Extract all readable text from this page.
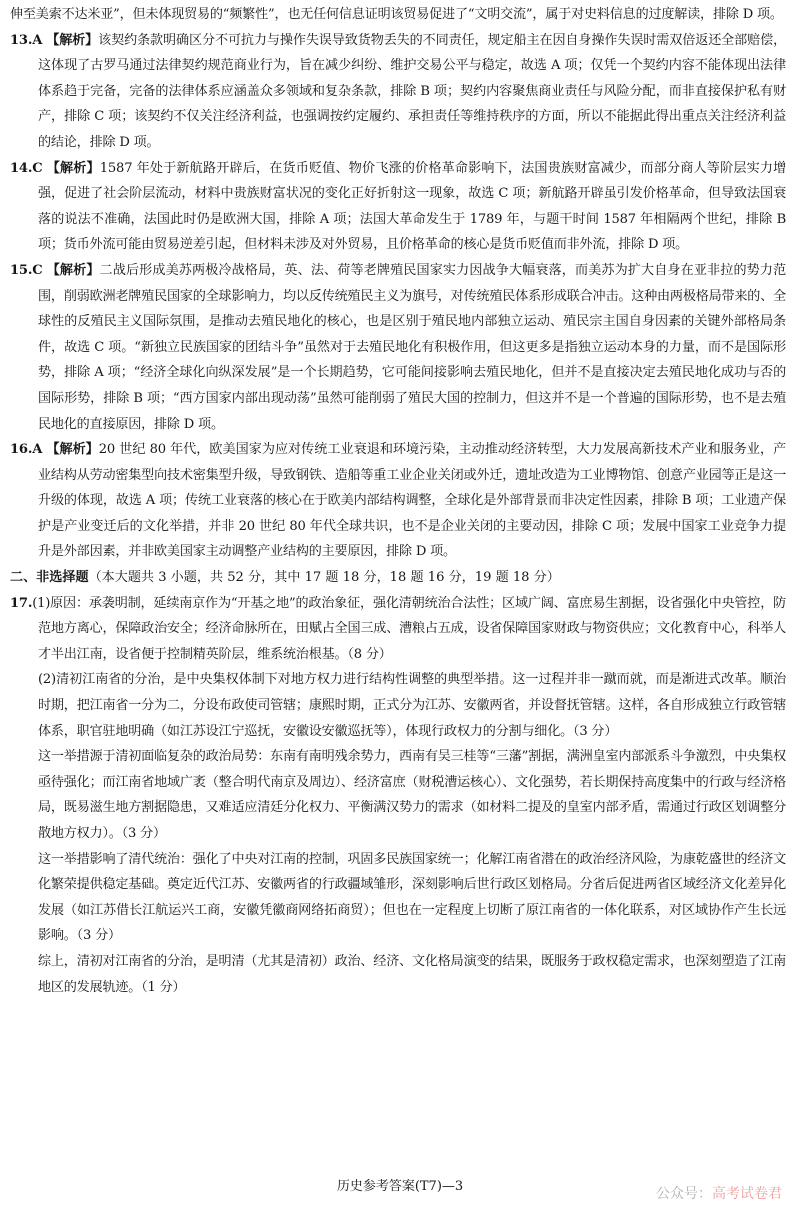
伸至美索不达米亚”，但未体现贸易的“频繁性”，也无任何信息证明该贸易促进了“文明交流”，属于对史料信息的过度解读，排除 D 项。

13.A 【解析】该契约条款明确区分不可抗力与操作失误导致货物丢失的不同责任，规定船主在因自身操作失误时需双倍返还全部赔偿，这体现了古罗马通过法律契约规范商业行为，旨在减少纠纷、维护交易公平与稳定，故选 A 项；仅凭一个契约内容不能体现出法律体系趋于完备，完备的法律体系应涵盖众多领域和复杂条款，排除 B 项；契约内容聚焦商业责任与风险分配，而非直接保护私有财产，排除 C 项；该契约不仅关注经济利益，也强调按约定履约、承担责任等维持秩序的方面，所以不能据此得出重点关注经济利益的结论，排除 D 项。

14.C 【解析】1587 年处于新航路开辟后，在货币贬值、物价飞涨的价格革命影响下，法国贵族财富减少，而部分商人等阶层实力增强，促进了社会阶层流动，材料中贵族财富状况的变化正好折射这一现象，故选 C 项；新航路开辟虽引发价格革命，但导致法国衰落的说法不准确，法国此时仍是欧洲大国，排除 A 项；法国大革命发生于 1789 年，与题干时间 1587 年相隔两个世纪，排除 B 项；货币外流可能由贸易逆差引起，但材料未涉及对外贸易，且价格革命的核心是货币贬值而非外流，排除 D 项。

15.C 【解析】二战后形成美苏两极冷战格局，英、法、荷等老牌殖民国家实力因战争大幅衰落，而美苏为扩大自身在亚非拉的势力范围，削弱欧洲老牌殖民国家的全球影响力，均以反传统殖民主义为旗号，对传统殖民体系形成联合冲击。这种由两极格局带来的、全球性的反殖民主义国际氛围，是推动去殖民地化的核心，也是区别于殖民地内部独立运动、殖民宗主国自身因素的关键外部格局条件，故选 C 项。“新独立民族国家的团结斗争”虽然对于去殖民地化有积极作用，但这更多是指独立运动本身的力量，而不是国际形势，排除 A 项；“经济全球化向纵深发展”是一个长期趋势，它可能间接影响去殖民地化，但并不是直接决定去殖民地化成功与否的国际形势，排除 B 项；“西方国家内部出现动荡”虽然可能削弱了殖民大国的控制力，但这并不是一个普遍的国际形势，也不是去殖民地化的直接原因，排除 D 项。

16.A 【解析】20 世纪 80 年代，欧美国家为应对传统工业衰退和环境污染，主动推动经济转型，大力发展高新技术产业和服务业，产业结构从劳动密集型向技术密集型升级，导致钢铁、造船等重工业企业关闭或外迁，遗址改造为工业博物馆、创意产业园等正是这一升级的体现，故选 A 项；传统工业衰落的核心在于欧美内部结构调整，全球化是外部背景而非决定性因素，排除 B 项；工业遗产保护是产业变迁后的文化举措，并非 20 世纪 80 年代全球共识，也不是企业关闭的主要动因，排除 C 项；发展中国家工业竞争力提升是外部因素，并非欧美国家主动调整产业结构的主要原因，排除 D 项。

二、非选择题（本大题共 3 小题，共 52 分，其中 17 题 18 分，18 题 16 分，19 题 18 分）

17.(1)原因：承袭明制，延续南京作为“开基之地”的政治象征，强化清朝统治合法性；区域广阔、富庶易生割据，设省强化中央管控，防范地方离心，保障政治安全；经济命脉所在，田赋占全国三成、漕粮占五成，设省保障国家财政与物资供应；文化教育中心，科举人才半出江南，设省便于控制精英阶层，维系统治根基。（8 分）

(2)清初江南省的分治，是中央集权体制下对地方权力进行结构性调整的典型举措。这一过程并非一蹴而就，而是渐进式改革。顺治时期，把江南省一分为二，分设布政使司管辖；康熙时期，正式分为江苏、安徽两省，并设督抚管辖。这样，各自形成独立行政管辖体系，职官驻地明确（如江苏设江宁巡抚，安徽设安徽巡抚等），体现行政权力的分割与细化。（3 分）

这一举措源于清初面临复杂的政治局势：东南有南明残余势力，西南有吴三桂等“三藩”割据，满洲皇室内部派系斗争激烈，中央集权亟待强化；而江南省地域广袤（整合明代南京及周边）、经济富庶（财税漕运核心）、文化强势，若长期保持高度集中的行政与经济格局，既易滋生地方割据隐患，又难适应清廷分化权力、平衡满汉势力的需求（如材料二提及的皇室内部矛盾，需通过行政区划调整分散地方权力）。（3 分）

这一举措影响了清代统治：强化了中央对江南的控制，巩固多民族国家统一；化解江南省潜在的政治经济风险，为康乾盛世的经济文化繁荣提供稳定基础。奠定近代江苏、安徽两省的行政疆域雏形，深刻影响后世行政区划格局。分省后促进两省区域经济文化差异化发展（如江苏借长江航运兴工商，安徽凭徽商网络拓商贸）；但也在一定程度上切断了原江南省的一体化联系，对区域协作产生长远影响。（3 分）

综上，清初对江南省的分治，是明清（尤其是清初）政治、经济、文化格局演变的结果，既服务于政权稳定需求，也深刻塑造了江南地区的发展轨迹。（1 分）

历史参考答案(T7)—3	公众号：高考试卷君
